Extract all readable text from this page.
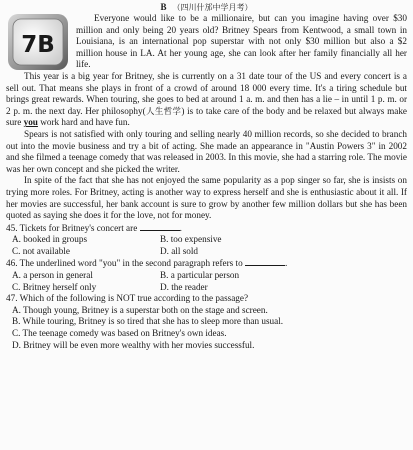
B （四川什邡中学月考）
7B

Everyone would like to be a millionaire, but can you imagine having over $30 million and only being 20 years old? Britney Spears from Kentwood, a small town in Louisiana, is an international pop superstar with not only $30 million but also a $2 million house in LA. At her young age, she can look after her family financially all her life.

This year is a big year for Britney, she is currently on a 31 date tour of the US and every concert is a sell out. That means she plays in front of a crowd of around 18 000 every time. It's a tiring schedule but brings great rewards. When touring, she goes to bed at around 1 a. m. and then has a lie – in until 1 p. m. or 2 p. m. the next day. Her philosophy(人生哲学) is to take care of the body and be relaxed but always make sure you work hard and have fun.

Spears is not satisfied with only touring and selling nearly 40 million records, so she decided to branch out into the movie business and try a bit of acting. She made an appearance in "Austin Powers 3" in 2002 and she filmed a teenage comedy that was released in 2003. In this movie, she had a starring role. The movie was her own concept and she picked the writer.

In spite of the fact that she has not enjoyed the same popularity as a pop singer so far, she is insists on trying more roles. For Britney, acting is another way to express herself and she is enthusiastic about it all. If her movies are successful, her bank account is sure to grow by another few million dollars but she has been quoted as saying she does it for the love, not for money.

45. Tickets for Britney's concert are	.

A. booked in groups	B. too expensive
C. not available	D. all sold

46. The underlined word "you" in the second paragraph refers to	.

A. a person in general	B. a particular person
C. Britney herself only	D. the reader

47. Which of the following is NOT true according to the passage?

A. Though young, Britney is a superstar both on the stage and screen.
B. While touring, Britney is so tired that she has to sleep more than usual.
C. The teenage comedy was based on Britney's own ideas.
D. Britney will be even more wealthy with her movies successful.
